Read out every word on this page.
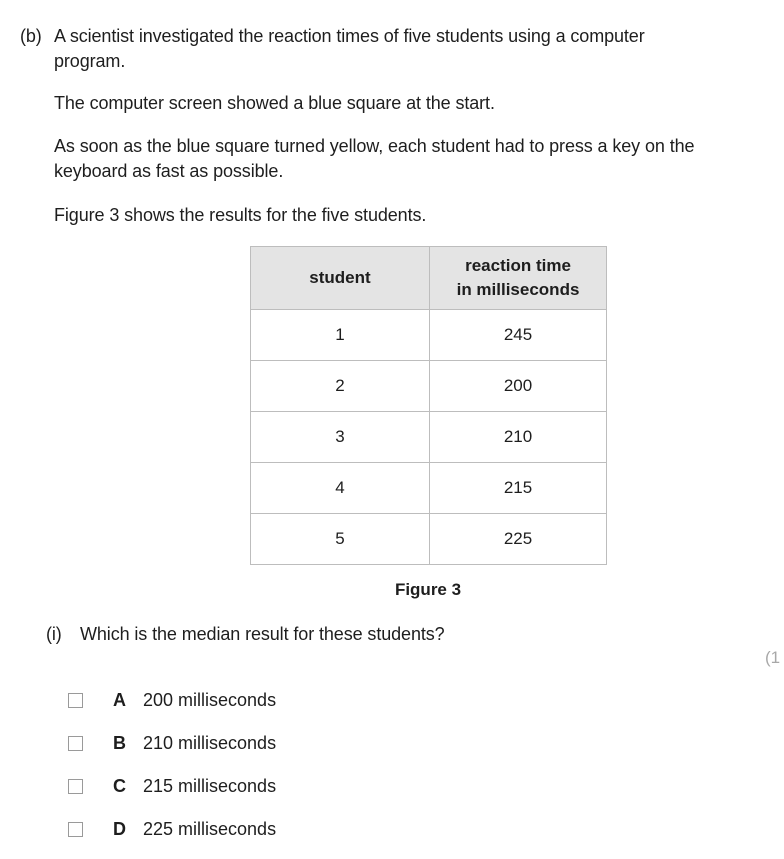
(b) A scientist investigated the reaction times of five students using a computer
program.
The computer screen showed a blue square at the start.
As soon as the blue square turned yellow, each student had to press a key on the
keyboard as fast as possible.
Figure 3 shows the results for the five students.
student	reaction time
in milliseconds

1	245
2	200
3	210
4	215
5	225
Figure 3
(i) Which is the median result for these students?
(1
A 200 milliseconds
B 210 milliseconds
C 215 milliseconds
D 225 milliseconds
